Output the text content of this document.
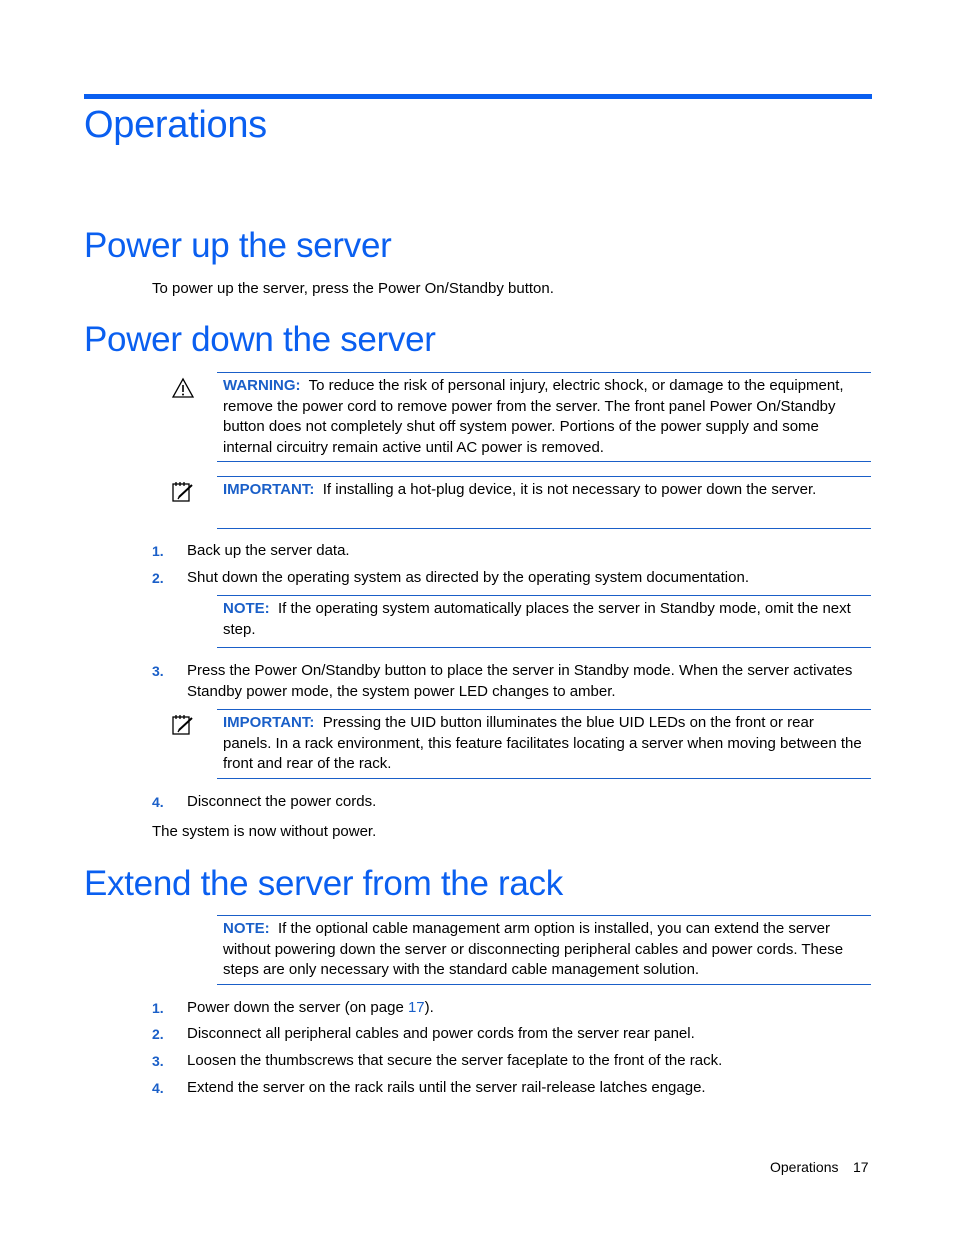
Operations
Power up the server
To power up the server, press the Power On/Standby button.
Power down the server
WARNING: To reduce the risk of personal injury, electric shock, or damage to the equipment, remove the power cord to remove power from the server. The front panel Power On/Standby button does not completely shut off system power. Portions of the power supply and some internal circuitry remain active until AC power is removed.
IMPORTANT: If installing a hot-plug device, it is not necessary to power down the server.
1. Back up the server data.
2. Shut down the operating system as directed by the operating system documentation.
NOTE: If the operating system automatically places the server in Standby mode, omit the next step.
3. Press the Power On/Standby button to place the server in Standby mode. When the server activates Standby power mode, the system power LED changes to amber.
IMPORTANT: Pressing the UID button illuminates the blue UID LEDs on the front or rear panels. In a rack environment, this feature facilitates locating a server when moving between the front and rear of the rack.
4. Disconnect the power cords.
The system is now without power.
Extend the server from the rack
NOTE: If the optional cable management arm option is installed, you can extend the server without powering down the server or disconnecting peripheral cables and power cords. These steps are only necessary with the standard cable management solution.
1. Power down the server (on page 17).
2. Disconnect all peripheral cables and power cords from the server rear panel.
3. Loosen the thumbscrews that secure the server faceplate to the front of the rack.
4. Extend the server on the rack rails until the server rail-release latches engage.
Operations 17
